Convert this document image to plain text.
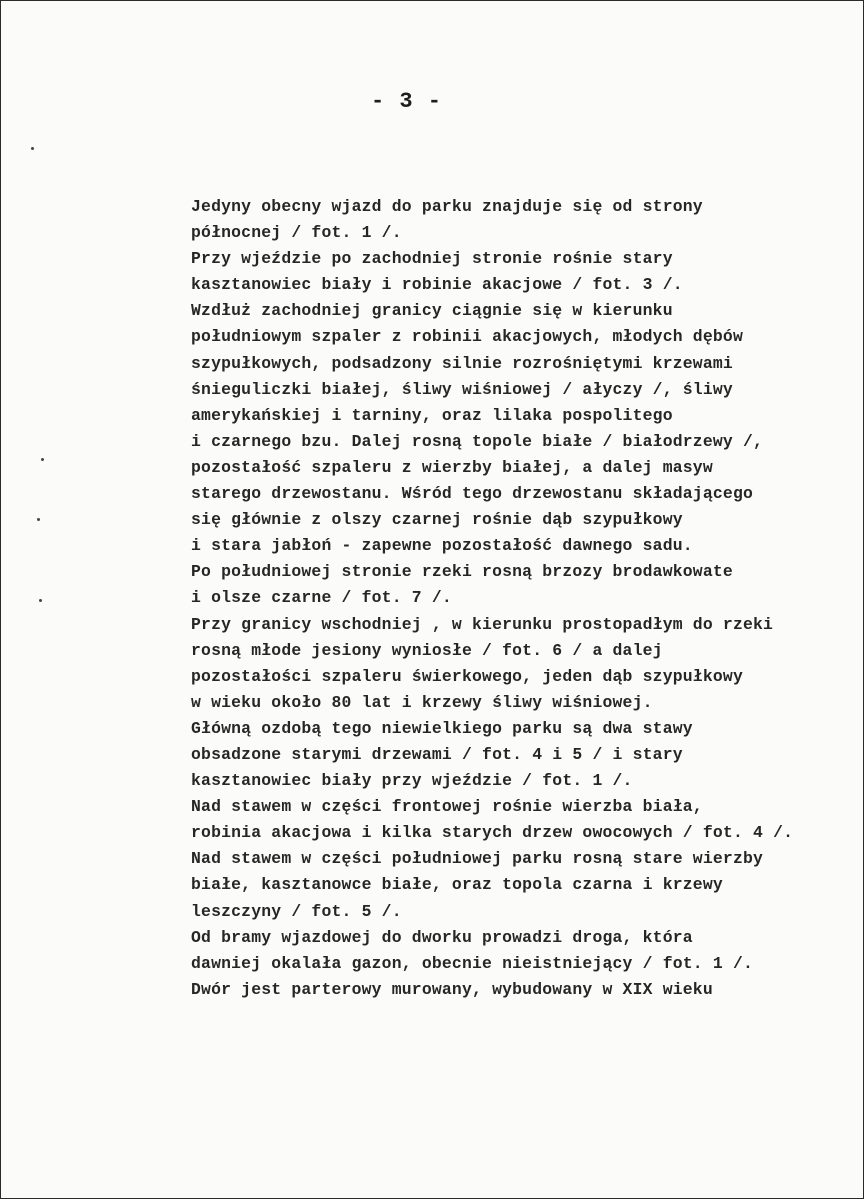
- 3 -
Jedyny obecny wjazd do parku znajduje się od strony
północnej / fot. 1 /.
Przy wjeździe po zachodniej stronie rośnie stary
kasztanowiec biały i robinie akacjowe / fot. 3 /.
Wzdłuż zachodniej granicy ciągnie się w kierunku
południowym szpaler z robinii akacjowych, młodych dębów
szypułkowych, podsadzony silnie rozrośniętymi krzewami
śnieguliczki białej, śliwy wiśniowej / ałyczy /, śliwy
amerykańskiej i tarniny, oraz lilaka pospolitego
i czarnego bzu. Dalej rosną topole białe / białodrzewy /,
pozostałość szpaleru z wierzby białej, a dalej masyw
starego drzewostanu. Wśród tego drzewostanu składającego
się głównie z olszy czarnej rośnie dąb szypułkowy
i stara jabłoń - zapewne pozostałość dawnego sadu.
Po południowej stronie rzeki rosną brzozy brodawkowate
i olsze czarne / fot. 7 /.
Przy granicy wschodniej , w kierunku prostopadłym do rzeki
rosną młode jesiony wyniosłe / fot. 6 / a dalej
pozostałości szpaleru świerkowego, jeden dąb szypułkowy
w wieku około 80 lat i krzewy śliwy wiśniowej.
Główną ozdobą tego niewielkiego parku są dwa stawy
obsadzone starymi drzewami / fot. 4 i 5 / i stary
kasztanowiec biały przy wjeździe / fot. 1 /.
Nad stawem w części frontowej rośnie wierzba biała,
robinia akacjowa i kilka starych drzew owocowych / fot. 4 /.
Nad stawem w części południowej parku rosną stare wierzby
białe, kasztanowce białe, oraz topola czarna i krzewy
leszczyny / fot. 5 /.
Od bramy wjazdowej do dworku prowadzi droga, która
dawniej okalała gazon, obecnie nieistniejący / fot. 1 /.
Dwór jest parterowy murowany, wybudowany w XIX wieku
